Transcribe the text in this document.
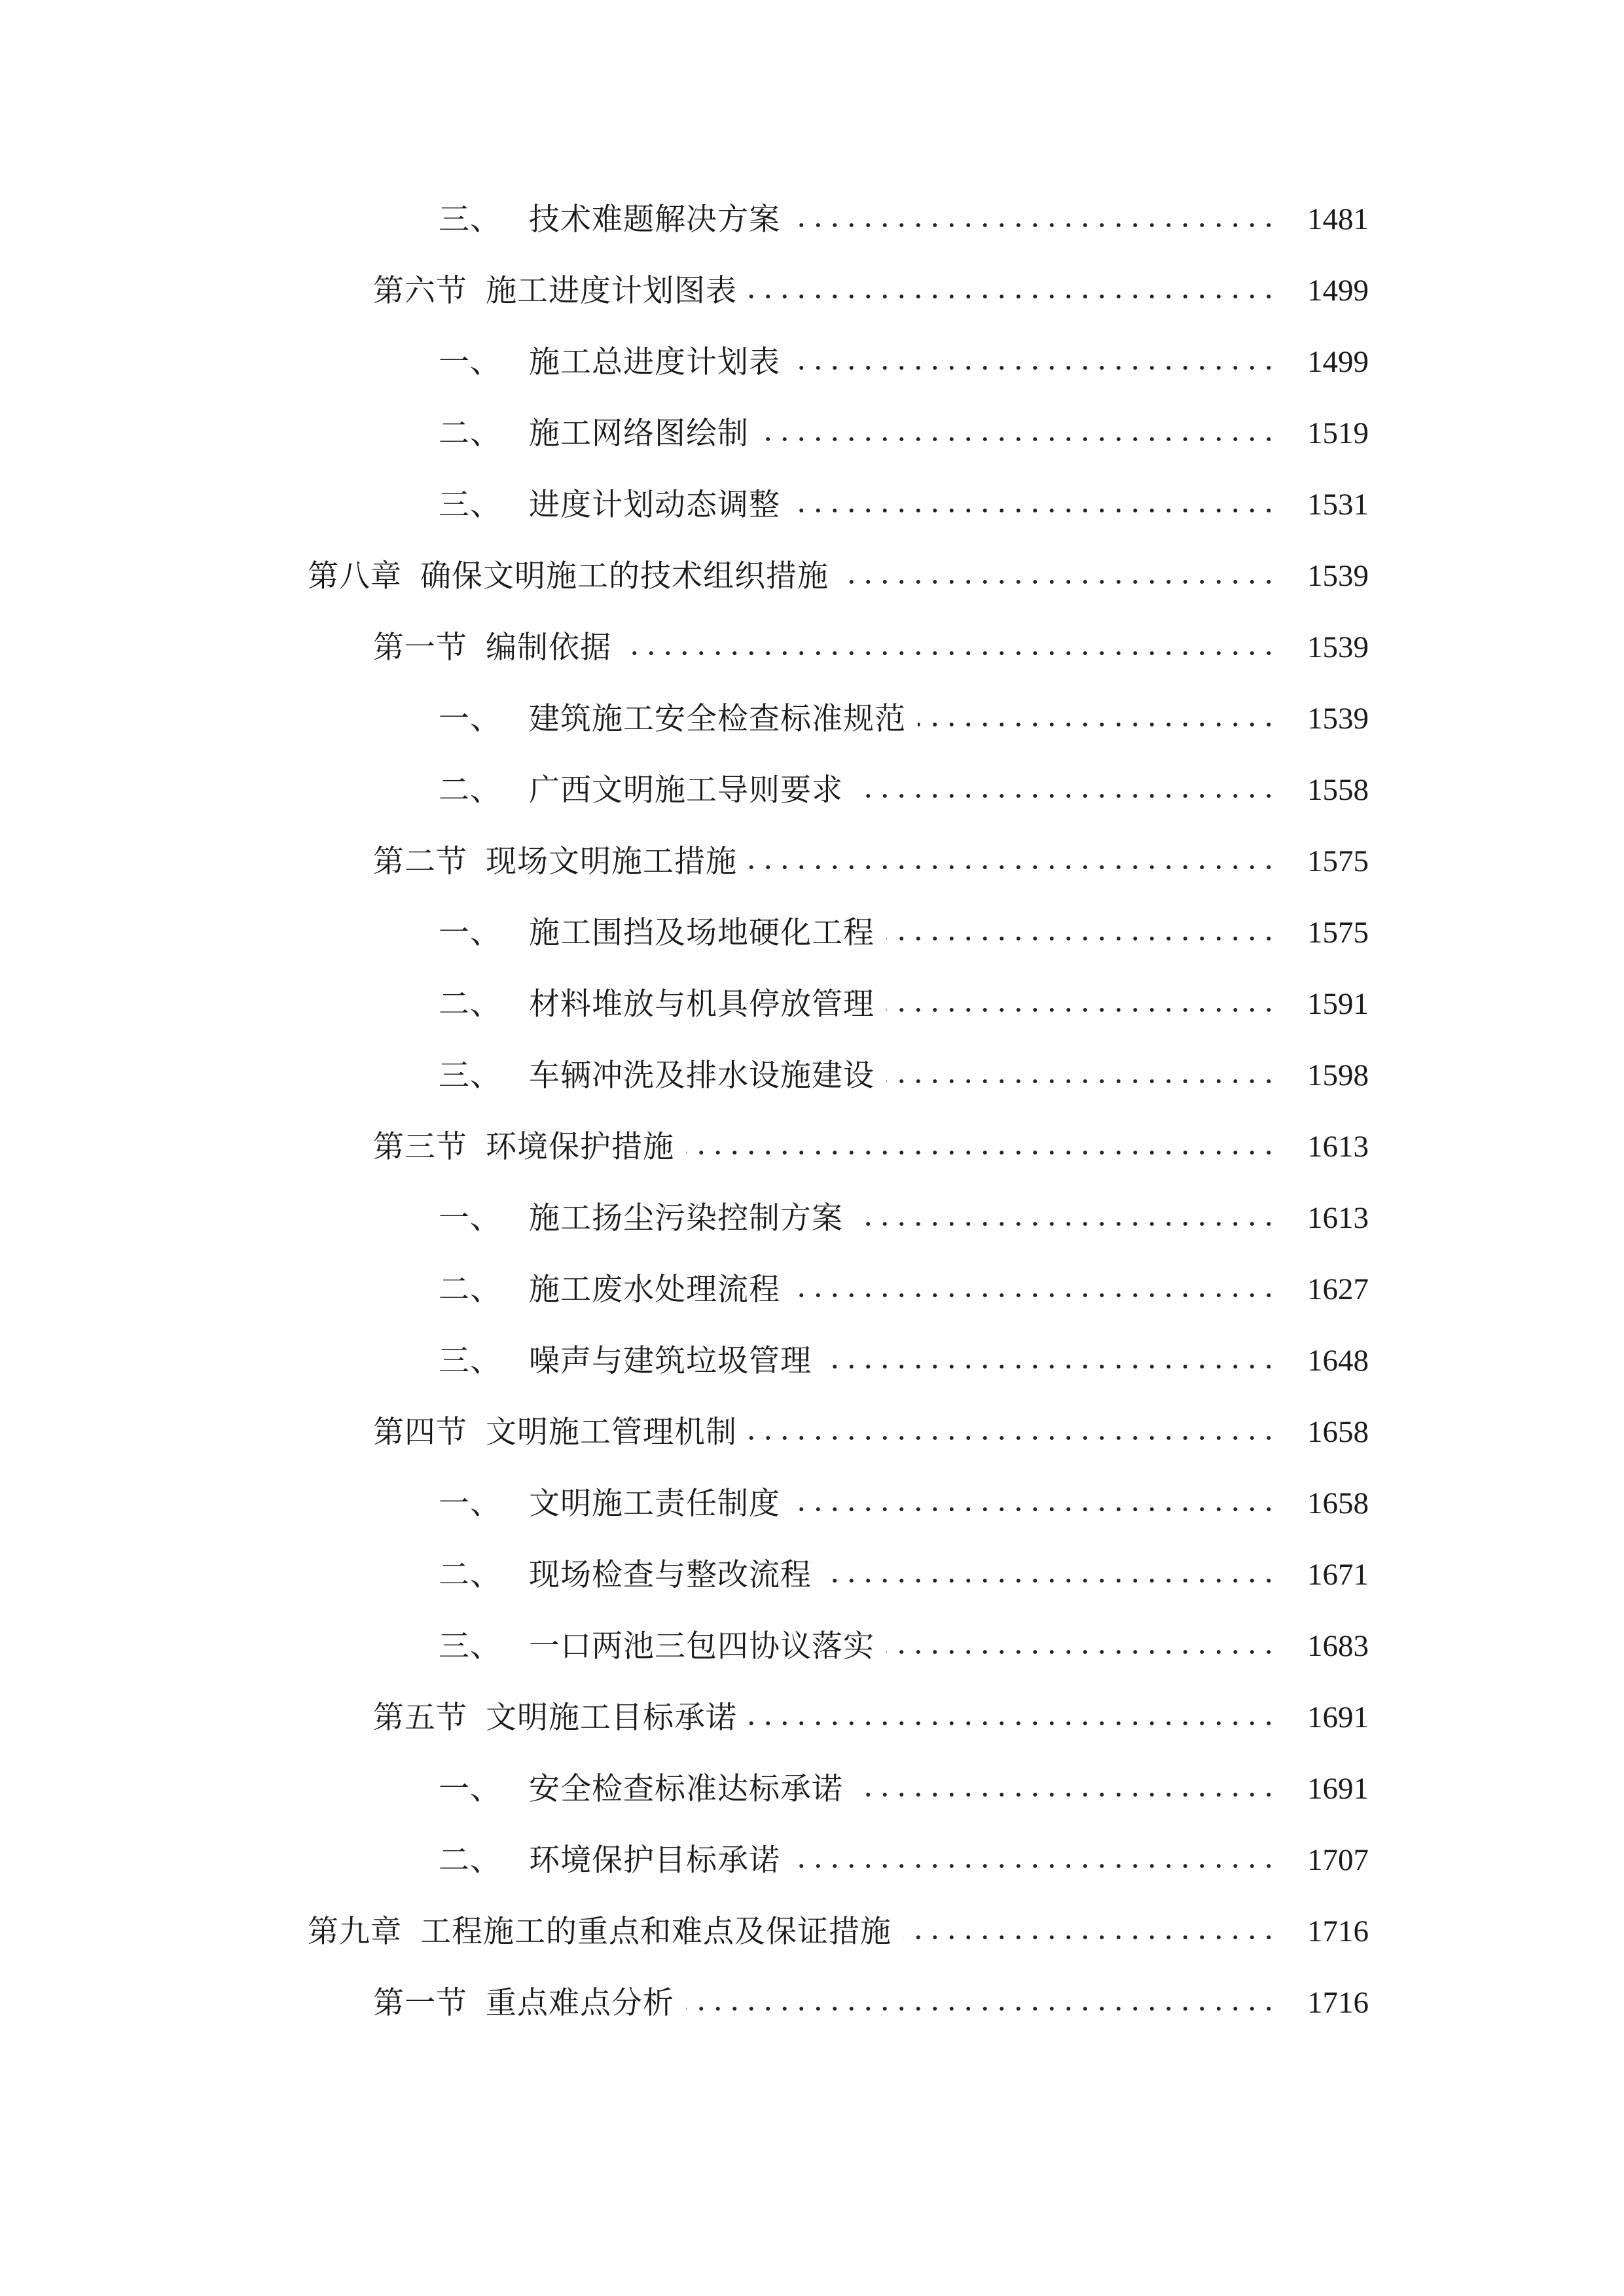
三、 技术难题解决方案	1481
第六节 施工进度计划图表	1499
一、 施工总进度计划表	1499
二、 施工网络图绘制	1519
三、 进度计划动态调整	1531
第八章 确保文明施工的技术组织措施	1539
第一节 编制依据	1539
一、 建筑施工安全检查标准规范	1539
二、 广西文明施工导则要求	1558
第二节 现场文明施工措施	1575
一、 施工围挡及场地硬化工程	1575
二、 材料堆放与机具停放管理	1591
三、 车辆冲洗及排水设施建设	1598
第三节 环境保护措施	1613
一、 施工扬尘污染控制方案	1613
二、 施工废水处理流程	1627
三、 噪声与建筑垃圾管理	1648
第四节 文明施工管理机制	1658
一、 文明施工责任制度	1658
二、 现场检查与整改流程	1671
三、 一口两池三包四协议落实	1683
第五节 文明施工目标承诺	1691
一、 安全检查标准达标承诺	1691
二、 环境保护目标承诺	1707
第九章 工程施工的重点和难点及保证措施	1716
第一节 重点难点分析	1716
